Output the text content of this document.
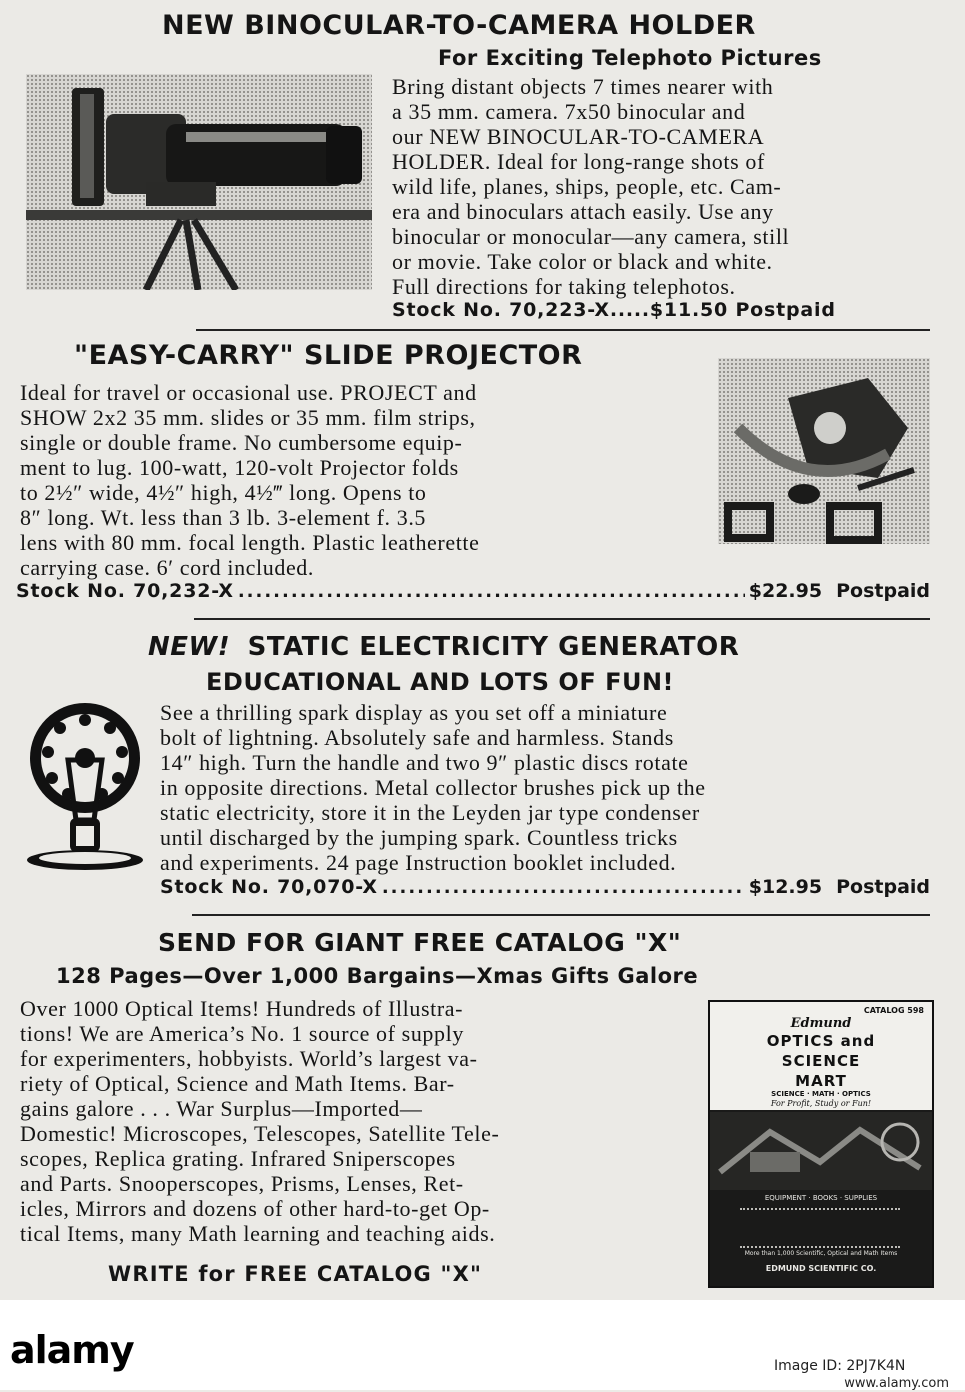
NEW BINOCULAR-TO-CAMERA HOLDER
For Exciting Telephoto Pictures
Bring distant objects 7 times nearer with
a 35 mm. camera. 7x50 binocular and
our NEW BINOCULAR-TO-CAMERA
HOLDER. Ideal for long-range shots of
wild life, planes, ships, people, etc. Cam-
era and binoculars attach easily. Use any
binocular or monocular—any camera, still
or movie. Take color or black and white.
Full directions for taking telephotos.
Stock No. 70,223-X.....$11.50 Postpaid
"EASY-CARRY" SLIDE PROJECTOR
Ideal for travel or occasional use. PROJECT and
SHOW 2x2 35 mm. slides or 35 mm. film strips,
single or double frame. No cumbersome equip-
ment to lug. 100-watt, 120-volt Projector folds
to 2½″ wide, 4½″ high, 4½‴ long. Opens to
8″ long. Wt. less than 3 lb. 3-element f. 3.5
lens with 80 mm. focal length. Plastic leatherette
carrying case. 6′ cord included.
Stock No. 70,232-X .....	$22.95 Postpaid
NEW! STATIC ELECTRICITY GENERATOR
EDUCATIONAL AND LOTS OF FUN!
See a thrilling spark display as you set off a miniature
bolt of lightning. Absolutely safe and harmless. Stands
14″ high. Turn the handle and two 9″ plastic discs rotate
in opposite directions. Metal collector brushes pick up the
static electricity, store it in the Leyden jar type condenser
until discharged by the jumping spark. Countless tricks
and experiments. 24 page Instruction booklet included.
Stock No. 70,070-X .....	$12.95 Postpaid
SEND FOR GIANT FREE CATALOG "X"
128 Pages—Over 1,000 Bargains—Xmas Gifts Galore
Over 1000 Optical Items! Hundreds of Illustra-
tions! We are America’s No. 1 source of supply
for experimenters, hobbyists. World’s largest va-
riety of Optical, Science and Math Items. Bar-
gains galore . . . War Surplus—Imported—
Domestic! Microscopes, Telescopes, Satellite Tele-
scopes, Replica grating. Infrared Sniperscopes
and Parts. Snooperscopes, Prisms, Lenses, Ret-
icles, Mirrors and dozens of other hard-to-get Op-
tical Items, many Math learning and teaching aids.
WRITE for FREE CATALOG "X"
CATALOG 598
Edmund
OPTICS and
SCIENCE
MART
SCIENCE · MATH · OPTICS
For Profit, Study or Fun!
EQUIPMENT · BOOKS · SUPPLIES
More than 1,000 Scientific, Optical and Math Items
EDMUND SCIENTIFIC CO.
alamy	Image ID: 2PJ7K4N
www.alamy.com
